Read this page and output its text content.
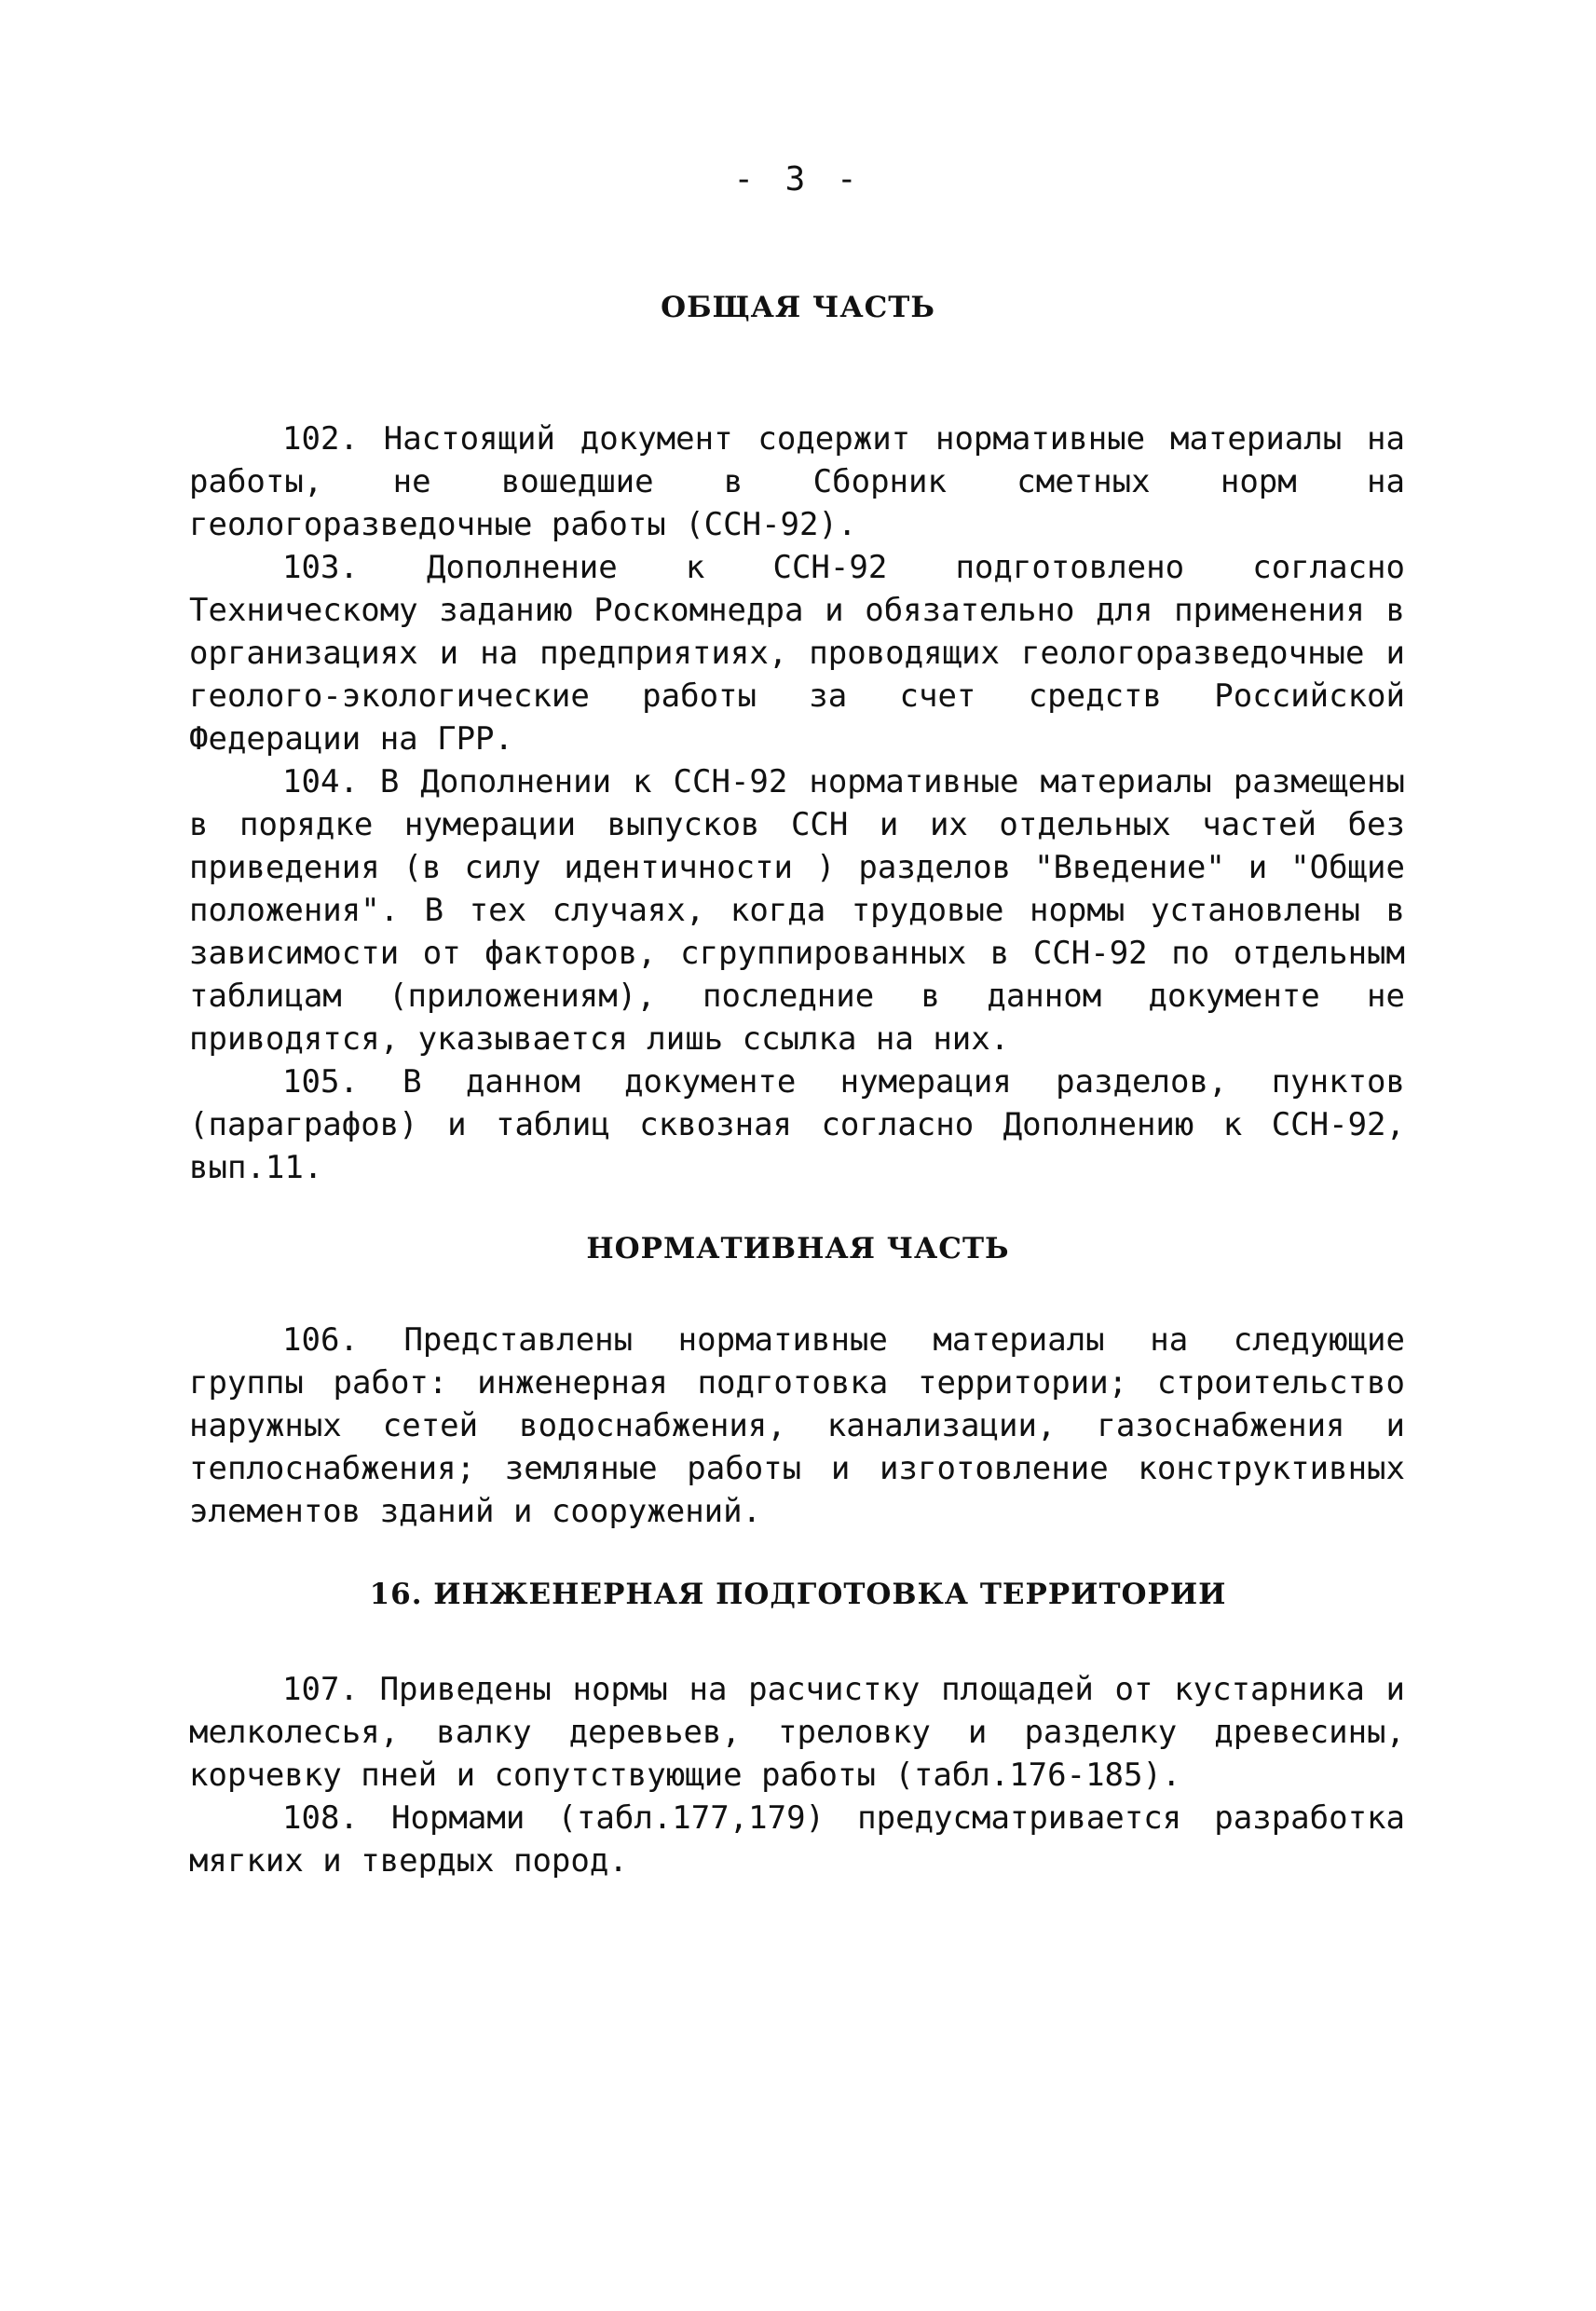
- 3 -
ОБЩАЯ ЧАСТЬ

102. Настоящий документ содержит нормативные материалы на работы, не вошедшие в Сборник сметных норм на геологоразведочные работы (ССН-92).

103. Дополнение к ССН-92 подготовлено согласно Техническому заданию Роскомнедра и обязательно для применения в организациях и на предприятиях, проводящих геологоразведочные и геолого-экологические работы за счет средств Российской Федерации на ГРР.

104. В Дополнении к ССН-92 нормативные материалы размещены в порядке нумерации выпусков ССН и их отдельных частей без приведения (в силу идентичности ) разделов "Введение" и "Общие положения". В тех случаях, когда трудовые нормы установлены в зависимости от факторов, сгруппированных в ССН-92 по отдельным таблицам (приложениям), последние в данном документе не приводятся, указывается лишь ссылка на них.

105. В данном документе нумерация разделов, пунктов (параграфов) и таблиц сквозная согласно Дополнению к ССН-92, вып.11.

НОРМАТИВНАЯ ЧАСТЬ

106. Представлены нормативные материалы на следующие группы работ: инженерная подготовка территории; строительство наружных сетей водоснабжения, канализации, газоснабжения и теплоснабжения; земляные работы и изготовление конструктивных элементов зданий и сооружений.

16. ИНЖЕНЕРНАЯ ПОДГОТОВКА ТЕРРИТОРИИ

107. Приведены нормы на расчистку площадей от кустарника и мелколесья, валку деревьев, треловку и разделку древесины, корчевку пней и сопутствующие работы (табл.176-185).

108. Нормами (табл.177,179) предусматривается разработка мягких и твердых пород.
